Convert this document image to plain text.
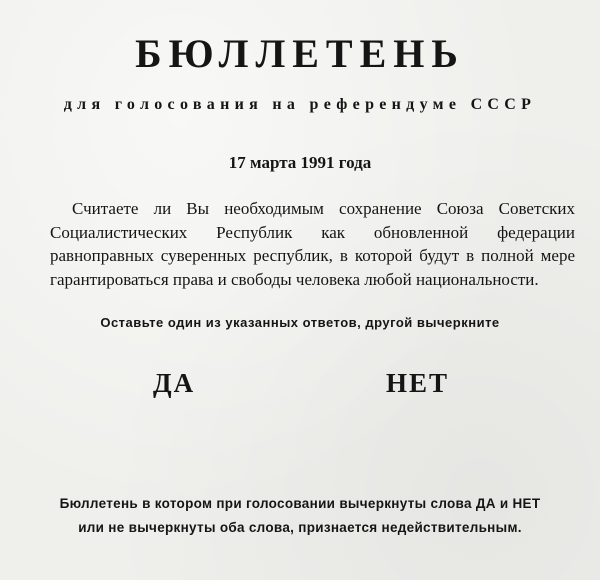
БЮЛЛЕТЕНЬ
для голосования на референдуме СССР
17 марта 1991 года
Считаете ли Вы необходимым сохранение Союза Советских Социалистических Республик как обновленной федерации равноправных суверенных республик, в которой будут в полной мере гарантироваться права и свободы человека любой национальности.
Оставьте один из указанных ответов, другой вычеркните
ДА	НЕТ
Бюллетень в котором при голосовании вычеркнуты слова ДА и НЕТ
или не вычеркнуты оба слова, признается недействительным.
